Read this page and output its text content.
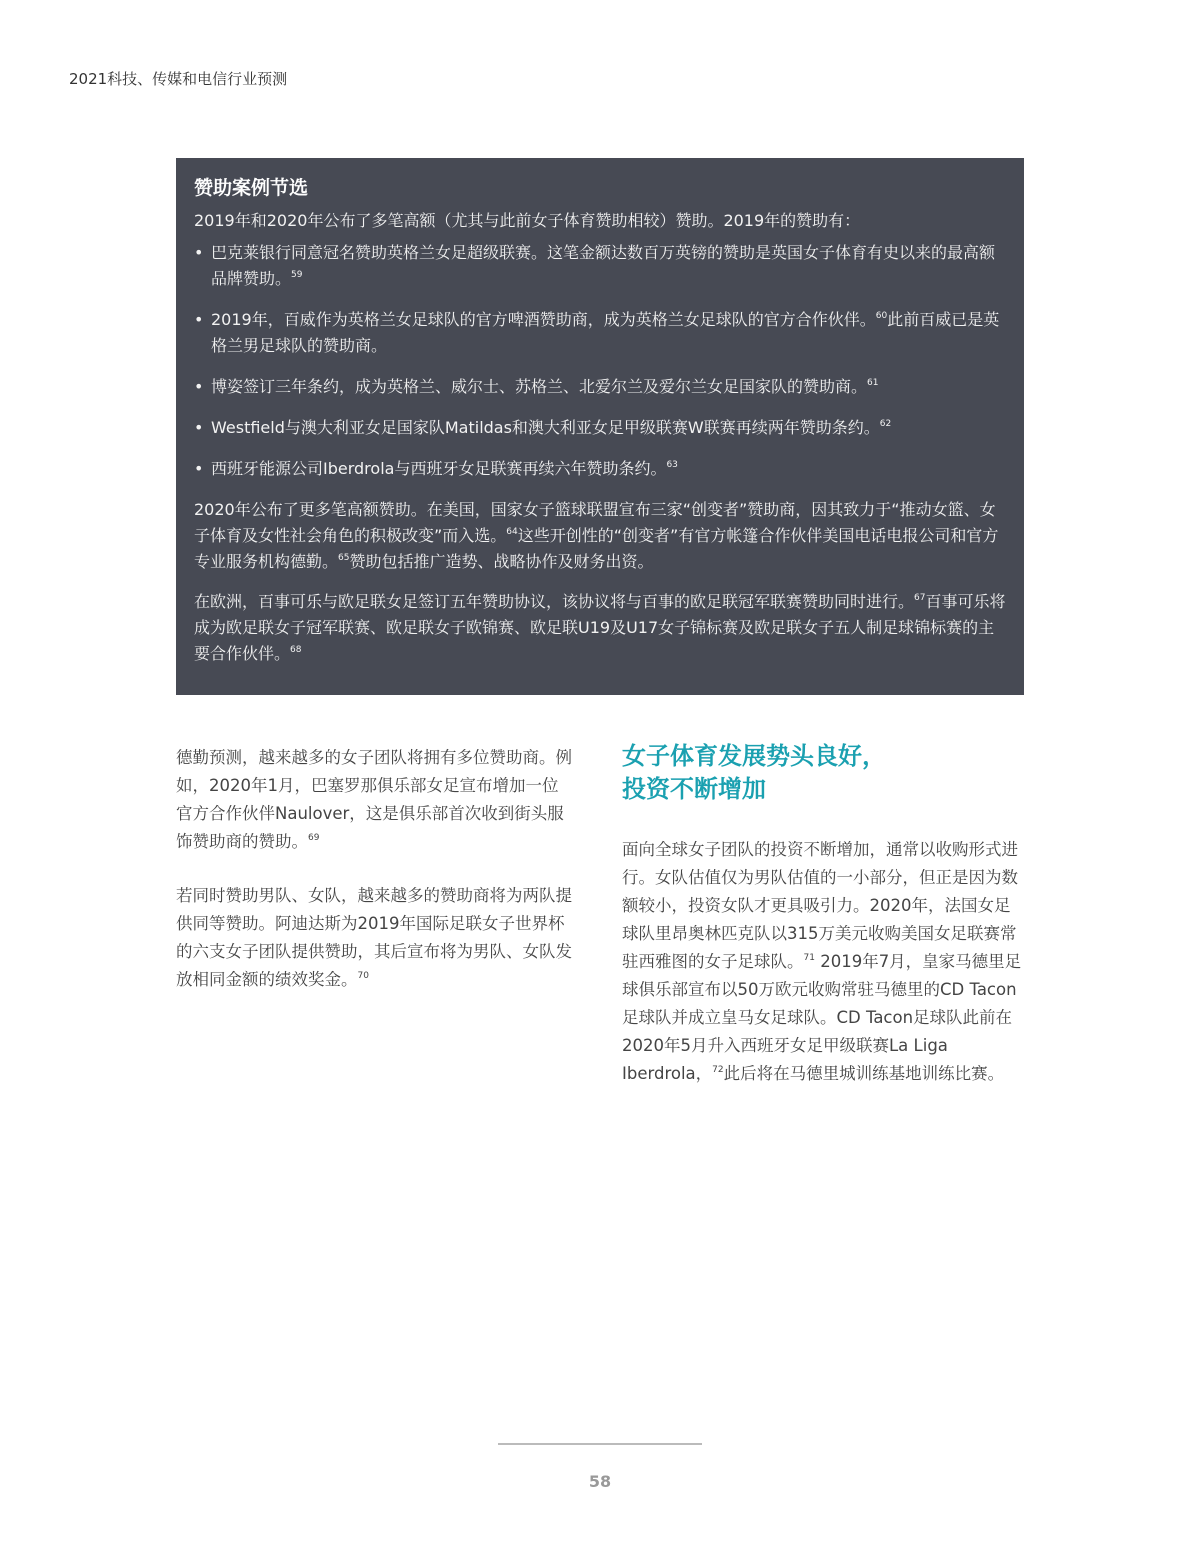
2021科技、传媒和电信行业预测
赞助案例节选

2019年和2020年公布了多笔高额（尤其与此前女子体育赞助相较）赞助。2019年的赞助有：

• 巴克莱银行同意冠名赞助英格兰女足超级联赛。这笔金额达数百万英镑的赞助是英国女子体育有史以来的最高额品牌赞助。$^{59}$
• 2019年，百威作为英格兰女足球队的官方啤酒赞助商，成为英格兰女足球队的官方合作伙伴。$^{60}$此前百威已是英格兰男足球队的赞助商。
• 博姿签订三年条约，成为英格兰、威尔士、苏格兰、北爱尔兰及爱尔兰女足国家队的赞助商。$^{61}$
• Westfield与澳大利亚女足国家队Matildas和澳大利亚女足甲级联赛W联赛再续两年赞助条约。$^{62}$
• 西班牙能源公司Iberdrola与西班牙女足联赛再续六年赞助条约。$^{63}$

2020年公布了更多笔高额赞助。在美国，国家女子篮球联盟宣布三家“创变者”赞助商，因其致力于“推动女篮、女子体育及女性社会角色的积极改变”而入选。$^{64}$这些开创性的“创变者”有官方帐篷合作伙伴美国电话电报公司和官方专业服务机构德勤。$^{65}$赞助包括推广造势、战略协作及财务出资。

在欧洲，百事可乐与欧足联女足签订五年赞助协议，该协议将与百事的欧足联冠军联赛赞助同时进行。$^{67}$百事可乐将成为欧足联女子冠军联赛、欧足联女子欧锦赛、欧足联U19及U17女子锦标赛及欧足联女子五人制足球锦标赛的主要合作伙伴。$^{68}$

德勤预测，越来越多的女子团队将拥有多位赞助商。例如，2020年1月，巴塞罗那俱乐部女足宣布增加一位官方合作伙伴Naulover，这是俱乐部首次收到街头服饰赞助商的赞助。$^{69}$

若同时赞助男队、女队，越来越多的赞助商将为两队提供同等赞助。阿迪达斯为2019年国际足联女子世界杯的六支女子团队提供赞助，其后宣布将为男队、女队发放相同金额的绩效奖金。$^{70}$

女子体育发展势头良好，
投资不断增加

面向全球女子团队的投资不断增加，通常以收购形式进行。女队估值仅为男队估值的一小部分，但正是因为数额较小，投资女队才更具吸引力。2020年，法国女足球队里昂奥林匹克队以315万美元收购美国女足联赛常驻西雅图的女子足球队。$^{71}$ 2019年7月，皇家马德里足球俱乐部宣布以50万欧元收购常驻马德里的CD Tacon足球队并成立皇马女足球队。CD Tacon足球队此前在2020年5月升入西班牙女足甲级联赛La Liga Iberdrola，$^{72}$此后将在马德里城训练基地训练比赛。

58
